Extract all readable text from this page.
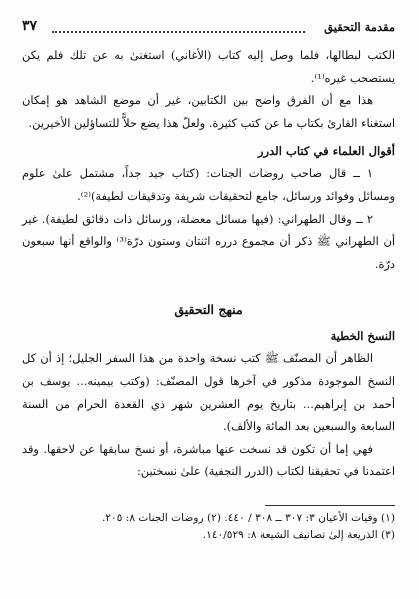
٣٧	مقدمة التحقيق

الكتب لبطالها، فلما وصل إليه كتاب (الأغاني) استغنىٰ به عن تلك فلم يكن يستصحب غيره⁽¹⁾.

هذا مع أن الفرق واضح بين الكتابين، غير أن موضع الشاهد هو إمكان استغناء القارئ بكتاب ما عن كتب كثيرة. ولعلّ هذا يضع حلاًّ للتساؤلين الأخيرين.

أقوال العلماء في كتاب الدرر

١ ــ قال صاحب روضات الجنات: (كتاب جيد جداً، مشتمل علىٰ علوم ومسائل وفوائد ورسائل، جامع لتحقيقات شريفة وتدقيقات لطيفة)⁽²⁾.

٢ ــ وقال الطهراني: (فيها مسائل معضلة، ورسائل ذات دقائق لطيفة). غير أن الطهراني ﷺ ذكر أن مجموع درره اثنتان وستون درّة⁽³⁾ والواقع أنها سبعون درّة.

منهج التحقيق
النسخ الخطية

الظاهر أن المصنّف ﷺ كتب نسخة واحدة من هذا السفر الجليل؛ إذ أن كل النسخ الموجودة مذكور في آخرها قول المصنّف: (وكتب بيمينه... يوسف بن أحمد بن إبراهيم... بتاريخ يوم العشرين شهر ذي القعدة الحرام من السنة السابعة والسبعين بعد المائة والألف).

فهي إما أن تكون قد نسخت عنها مباشرة، أو نسخ سابقها عن لاحقها. وقد اعتمدنا في تحقيقنا لكتاب (الدرر النجفية) علىٰ نسختين:

(١) وفيات الأعيان ٣: ٣٠٧ ــ ٣٠٨ / ٤٤٠. (٢) روضات الجنات ٨: ٢٠٥.

(٣) الذريعة إلىٰ تصانيف الشيعة ٨: ١٤٠/٥٢٩.
